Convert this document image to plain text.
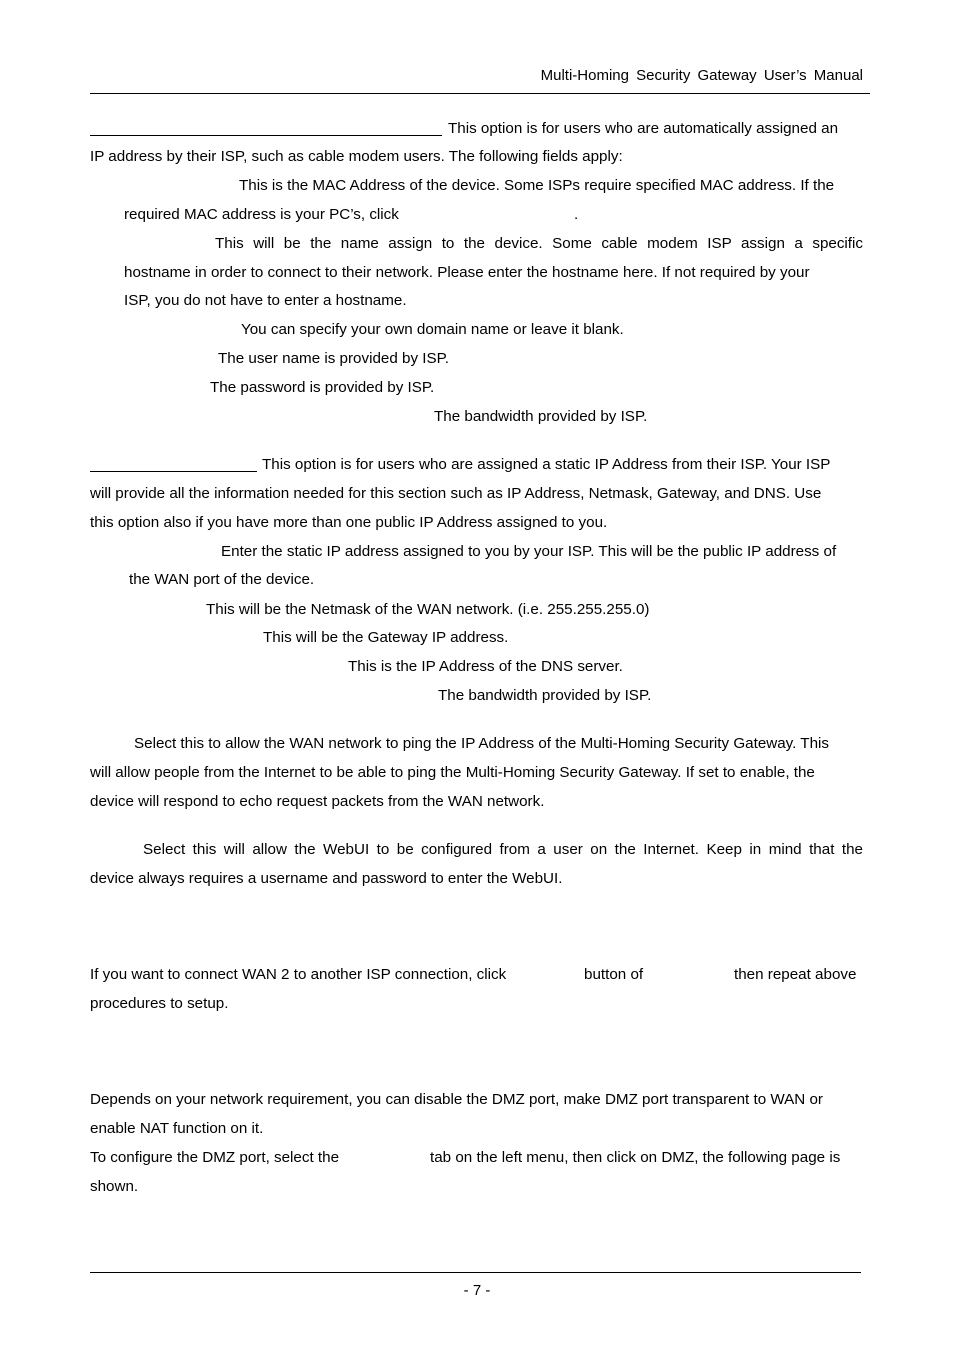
Multi-Homing Security Gateway User’s Manual
This option is for users who are automatically assigned an
IP address by their ISP, such as cable modem users. The following fields apply:
This is the MAC Address of the device. Some ISPs require specified MAC address. If the
required MAC address is your PC’s, click	.
This will be the name assign to the device. Some cable modem ISP assign a specific
hostname in order to connect to their network. Please enter the hostname here. If not required by your
ISP, you do not have to enter a hostname.
You can specify your own domain name or leave it blank.
The user name is provided by ISP.
The password is provided by ISP.
The bandwidth provided by ISP.
This option is for users who are assigned a static IP Address from their ISP. Your ISP
will provide all the information needed for this section such as IP Address, Netmask, Gateway, and DNS. Use
this option also if you have more than one public IP Address assigned to you.
Enter the static IP address assigned to you by your ISP. This will be the public IP address of
the WAN port of the device.
This will be the Netmask of the WAN network. (i.e. 255.255.255.0)
This will be the Gateway IP address.
This is the IP Address of the DNS server.
The bandwidth provided by ISP.
Select this to allow the WAN network to ping the IP Address of the Multi-Homing Security Gateway. This
will allow people from the Internet to be able to ping the Multi-Homing Security Gateway. If set to enable, the
device will respond to echo request packets from the WAN network.
Select this will allow the WebUI to be configured from a user on the Internet. Keep in mind that the
device always requires a username and password to enter the WebUI.
If you want to connect WAN 2 to another ISP connection, click	button of	then repeat above
procedures to setup.
Depends on your network requirement, you can disable the DMZ port, make DMZ port transparent to WAN or
enable NAT function on it.
To configure the DMZ port, select the	tab on the left menu, then click on DMZ, the following page is
shown.
- 7 -
